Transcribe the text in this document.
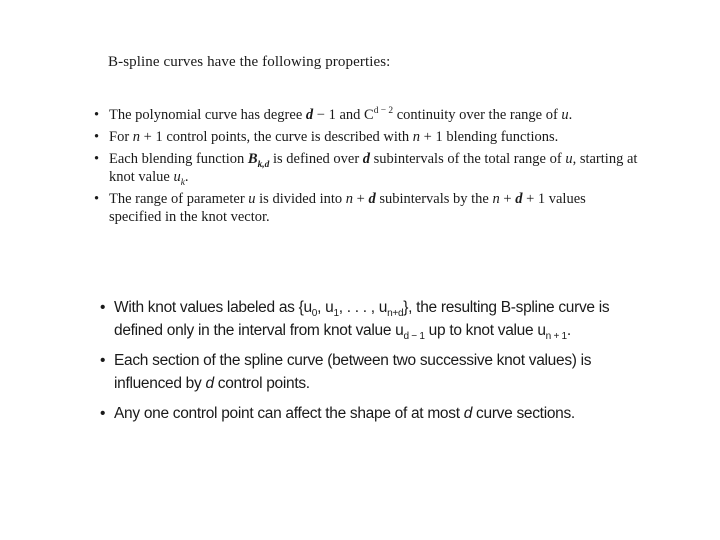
B-spline curves have the following properties:
• The polynomial curve has degree d − 1 and $C^{d - 2}$ continuity over the range of u.
• For n + 1 control points, the curve is described with n + 1 blending functions.
• Each blending function $B_{k,d}$ is defined over d subintervals of the total range of u, starting at knot value $u_k$.
• The range of parameter u is divided into n + d subintervals by the n + d + 1 values specified in the knot vector.
• With knot values labeled as {$u_0$, $u_1$, . . . , $u_{n+d}$}, the resulting B-spline curve is defined only in the interval from knot value $u_{d - 1}$ up to knot value $u_{n + 1}$.
• Each section of the spline curve (between two successive knot values) is influenced by d control points.
• Any one control point can affect the shape of at most d curve sections.
